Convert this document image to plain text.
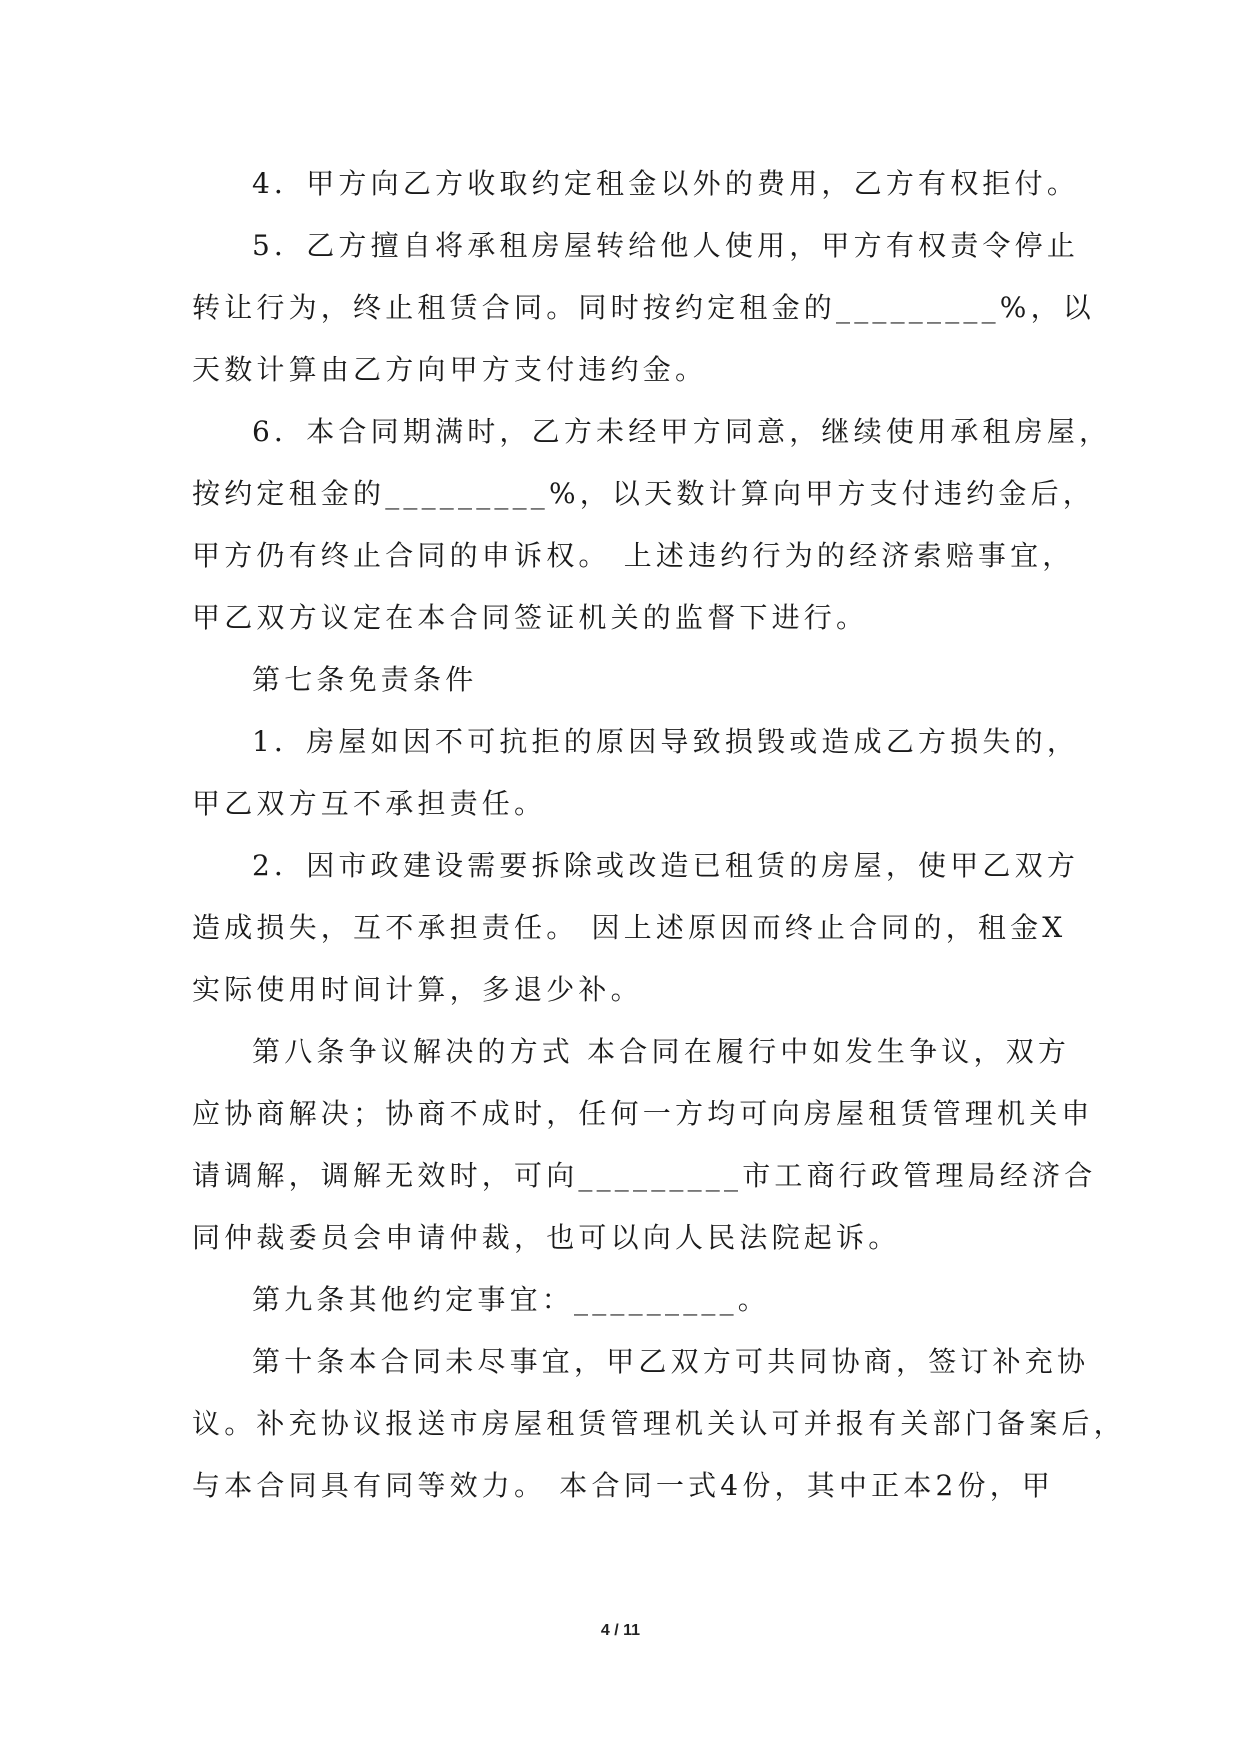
4．甲方向乙方收取约定租金以外的费用，乙方有权拒付。
5．乙方擅自将承租房屋转给他人使用，甲方有权责令停止
转让行为，终止租赁合同。同时按约定租金的_________%，以
天数计算由乙方向甲方支付违约金。
6．本合同期满时，乙方未经甲方同意，继续使用承租房屋，
按约定租金的_________%，以天数计算向甲方支付违约金后，
甲方仍有终止合同的申诉权。 上述违约行为的经济索赔事宜，
甲乙双方议定在本合同签证机关的监督下进行。
第七条免责条件
1．房屋如因不可抗拒的原因导致损毁或造成乙方损失的，
甲乙双方互不承担责任。
2．因市政建设需要拆除或改造已租赁的房屋，使甲乙双方
造成损失，互不承担责任。 因上述原因而终止合同的，租金X
实际使用时间计算，多退少补。
第八条争议解决的方式 本合同在履行中如发生争议，双方
应协商解决；协商不成时，任何一方均可向房屋租赁管理机关申
请调解，调解无效时，可向_________市工商行政管理局经济合
同仲裁委员会申请仲裁，也可以向人民法院起诉。
第九条其他约定事宜：_________。
第十条本合同未尽事宜，甲乙双方可共同协商，签订补充协
议。补充协议报送市房屋租赁管理机关认可并报有关部门备案后，
与本合同具有同等效力。 本合同一式4份，其中正本2份，甲
4 / 11
